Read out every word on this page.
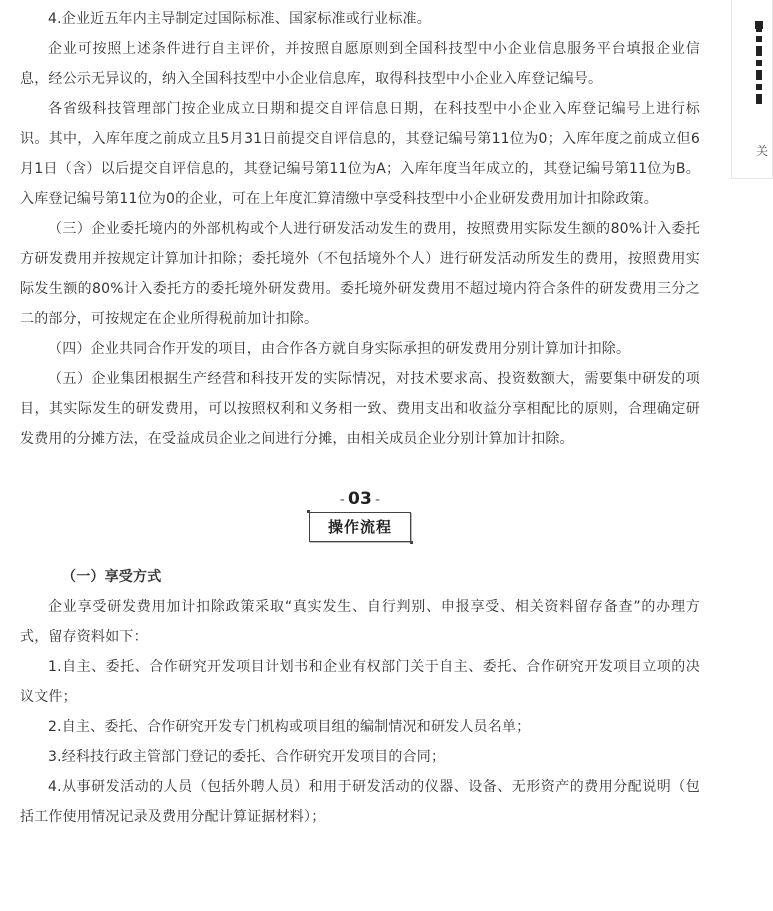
4.企业近五年内主导制定过国际标准、国家标准或行业标准。

企业可按照上述条件进行自主评价，并按照自愿原则到全国科技型中小企业信息服务平台填报企业信息，经公示无异议的，纳入全国科技型中小企业信息库，取得科技型中小企业入库登记编号。

各省级科技管理部门按企业成立日期和提交自评信息日期，在科技型中小企业入库登记编号上进行标识。其中，入库年度之前成立且5月31日前提交自评信息的，其登记编号第11位为0；入库年度之前成立但6月1日（含）以后提交自评信息的，其登记编号第11位为A；入库年度当年成立的，其登记编号第11位为B。入库登记编号第11位为0的企业，可在上年度汇算清缴中享受科技型中小企业研发费用加计扣除政策。

（三）企业委托境内的外部机构或个人进行研发活动发生的费用，按照费用实际发生额的80%计入委托方研发费用并按规定计算加计扣除；委托境外（不包括境外个人）进行研发活动所发生的费用，按照费用实际发生额的80%计入委托方的委托境外研发费用。委托境外研发费用不超过境内符合条件的研发费用三分之二的部分，可按规定在企业所得税前加计扣除。

（四）企业共同合作开发的项目，由合作各方就自身实际承担的研发费用分别计算加计扣除。

（五）企业集团根据生产经营和科技开发的实际情况，对技术要求高、投资数额大，需要集中研发的项目，其实际发生的研发费用，可以按照权利和义务相一致、费用支出和收益分享相配比的原则，合理确定研发费用的分摊方法，在受益成员企业之间进行分摊，由相关成员企业分别计算加计扣除。

- 03 -
操作流程

（一）享受方式

企业享受研发费用加计扣除政策采取“真实发生、自行判别、申报享受、相关资料留存备查”的办理方式，留存资料如下：

1.自主、委托、合作研究开发项目计划书和企业有权部门关于自主、委托、合作研究开发项目立项的决议文件；

2.自主、委托、合作研究开发专门机构或项目组的编制情况和研发人员名单；

3.经科技行政主管部门登记的委托、合作研究开发项目的合同；

4.从事研发活动的人员（包括外聘人员）和用于研发活动的仪器、设备、无形资产的费用分配说明（包括工作使用情况记录及费用分配计算证据材料）；

关
